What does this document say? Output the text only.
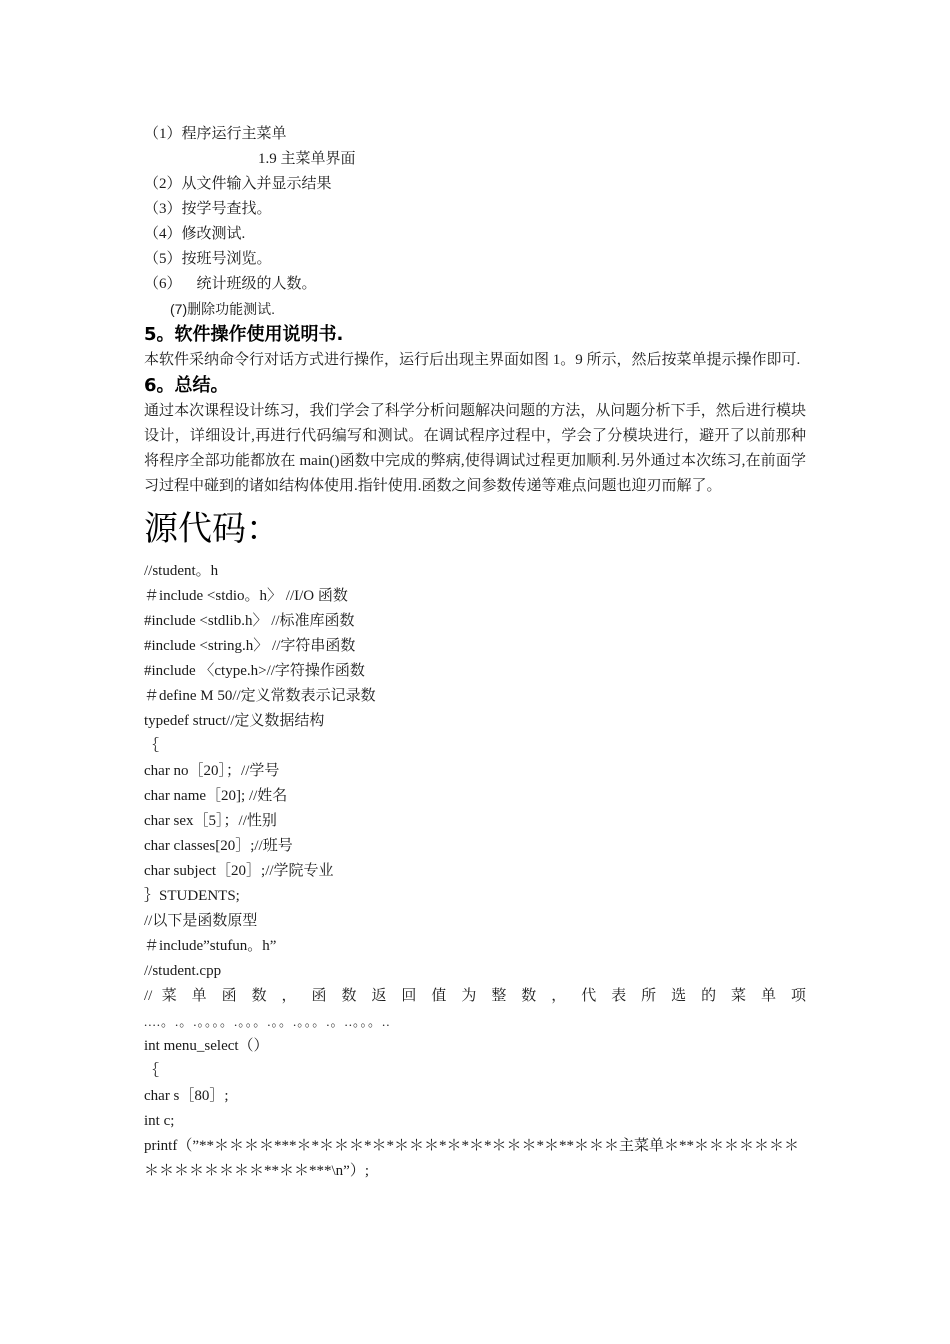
（1）程序运行主菜单
1.9 主菜单界面
（2）从文件输入并显示结果
（3）按学号查找。
（4）修改测试.
（5）按班号浏览。
（6）    统计班级的人数。
(7)删除功能测试.
5。软件操作使用说明书.
本软件采纳命令行对话方式进行操作，运行后出现主界面如图 1。9 所示，然后按菜单提示操作即可.
6。总结。
通过本次课程设计练习，我们学会了科学分析问题解决问题的方法，从问题分析下手，然后进行模块设计，详细设计,再进行代码编写和测试。在调试程序过程中，学会了分模块进行，避开了以前那种将程序全部功能都放在 main()函数中完成的弊病,使得调试过程更加顺利.另外通过本次练习,在前面学习过程中碰到的诸如结构体使用.指针使用.函数之间参数传递等难点问题也迎刃而解了。
源代码：
//student。h
＃include <stdio。h〉 //I/O 函数
#include <stdlib.h〉 //标准库函数
#include <string.h〉 //字符串函数
#include 〈ctype.h>//字符操作函数
＃define M 50//定义常数表示记录数
typedef struct//定义数据结构
｛
char no［20］；//学号
char name［20]; //姓名
char sex［5］；//性别
char classes[20］;//班号
char subject［20］;//学院专业
｝STUDENTS;
//以下是函数原型
＃include”stufun。h”
//student.cpp
// 菜 单 函 数 ， 函 数 返 回 值 为 整 数 ， 代 表 所 选 的 菜 单 项
....。.。.。。。。.。。。.。。.。。。.。..。。。..
int menu_select（）
｛
char s［80］;
int c;
printf（”**＊＊＊＊***＊*＊＊＊*＊*＊＊＊*＊*＊*＊＊＊*＊**＊＊＊主菜单＊**＊＊＊＊＊＊＊＊＊＊＊＊＊＊＊**＊＊***\n”）;
